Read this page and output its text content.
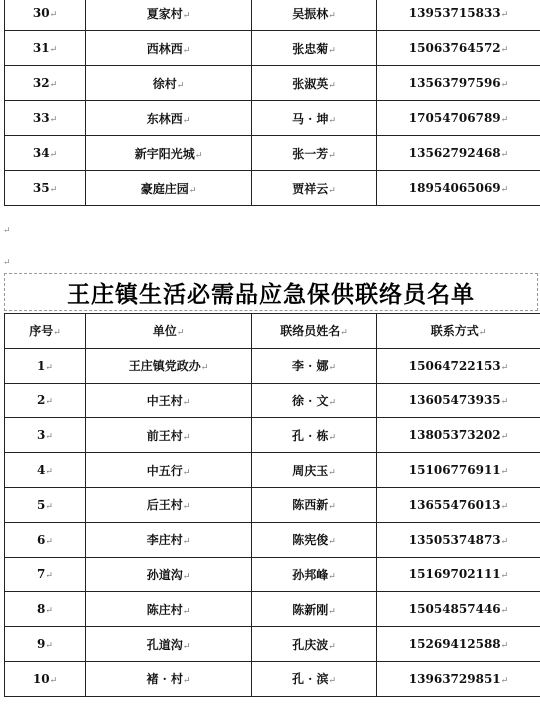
30↵	夏家村↵	吴振林↵	13953715833↵
31↵	西林西↵	张忠菊↵	15063764572↵
32↵	徐村↵	张淑英↵	13563797596↵
33↵	东林西↵	马 · 坤↵	17054706789↵
34↵	新宇阳光城↵	张一芳↵	13562792468↵
35↵	豪庭庄园↵	贾祥云↵	18954065069↵
↵
↵
王庄镇生活必需品应急保供联络员名单
序号↵	单位↵	联络员姓名↵	联系方式↵
1↵	王庄镇党政办↵	李 · 娜↵	15064722153↵
2↵	中王村↵	徐 · 文↵	13605473935↵
3↵	前王村↵	孔 · 栋↵	13805373202↵
4↵	中五行↵	周庆玉↵	15106776911↵
5↵	后王村↵	陈西新↵	13655476013↵
6↵	李庄村↵	陈宪俊↵	13505374873↵
7↵	孙道沟↵	孙邦峰↵	15169702111↵
8↵	陈庄村↵	陈新刚↵	15054857446↵
9↵	孔道沟↵	孔庆波↵	15269412588↵
10↵	褚 · 村↵	孔 · 滨↵	13963729851↵
